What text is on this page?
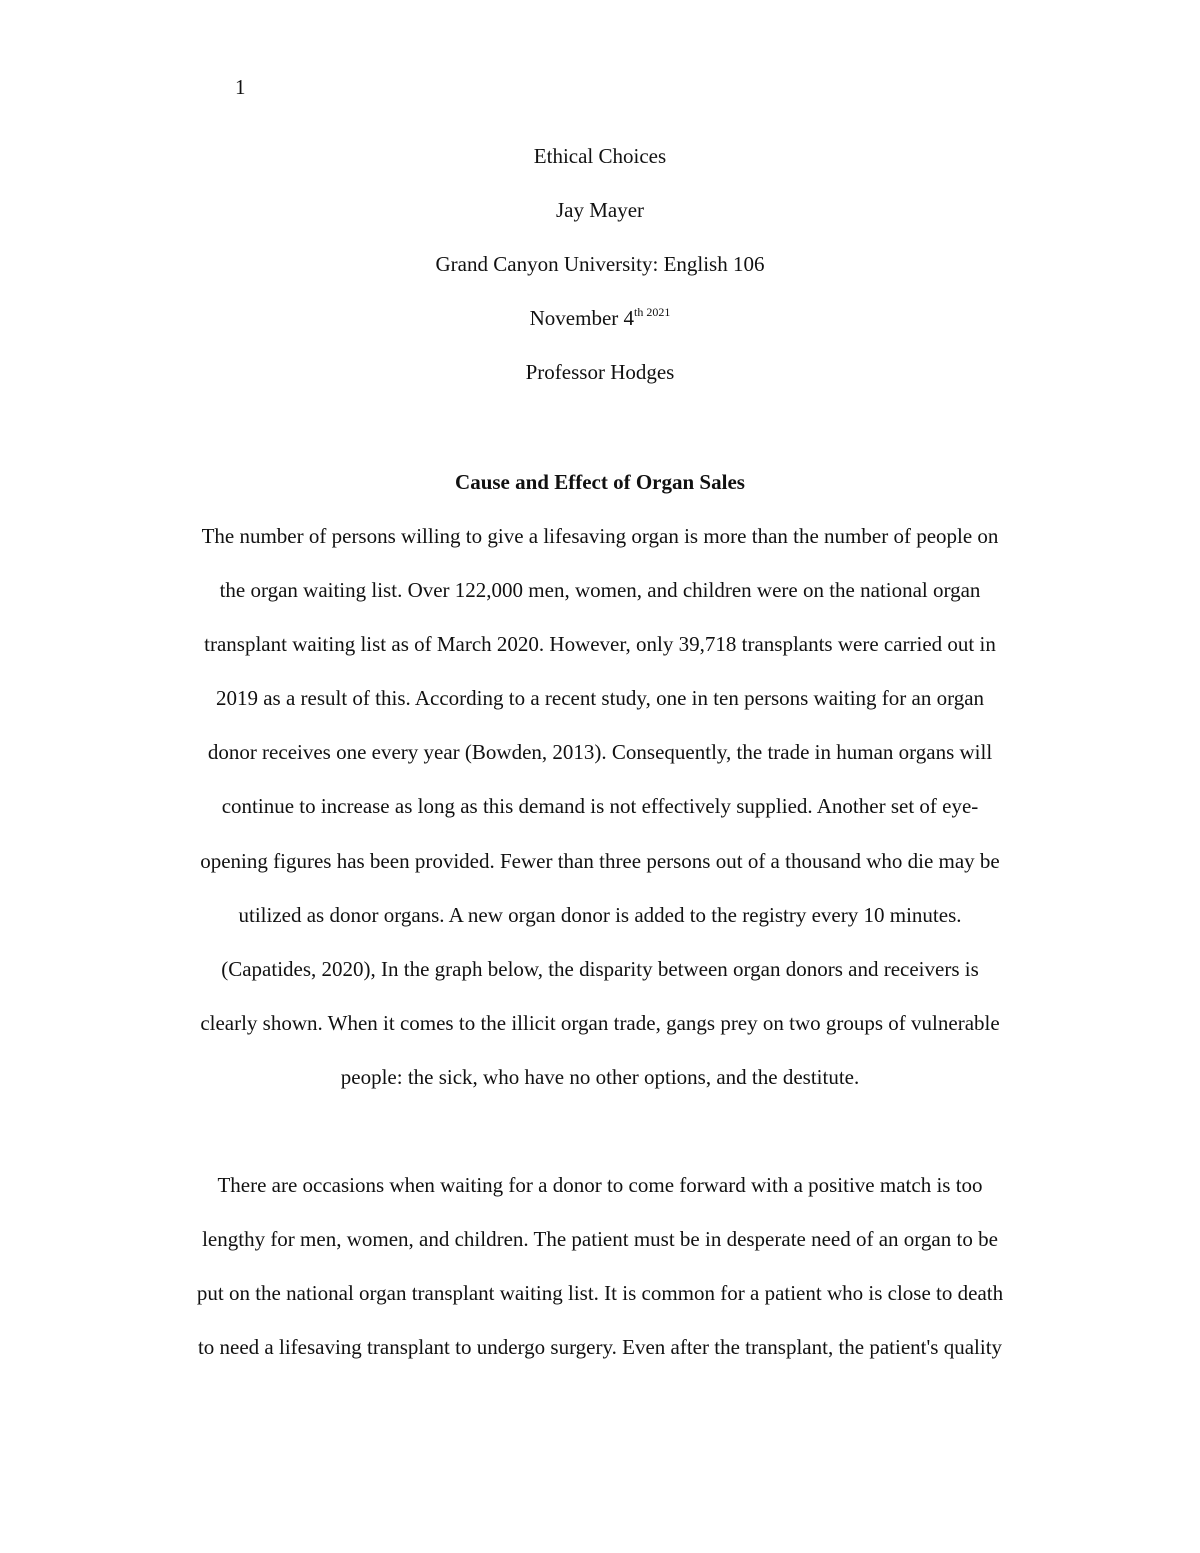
1
Ethical Choices
Jay Mayer
Grand Canyon University: English 106
November $4^{th 2021}$
Professor Hodges
Cause and Effect of Organ Sales
The number of persons willing to give a lifesaving organ is more than the number of people on
the organ waiting list. Over 122,000 men, women, and children were on the national organ
transplant waiting list as of March 2020. However, only 39,718 transplants were carried out in
2019 as a result of this. According to a recent study, one in ten persons waiting for an organ
donor receives one every year (Bowden, 2013). Consequently, the trade in human organs will
continue to increase as long as this demand is not effectively supplied. Another set of eye-
opening figures has been provided. Fewer than three persons out of a thousand who die may be
utilized as donor organs. A new organ donor is added to the registry every 10 minutes.
(Capatides, 2020), In the graph below, the disparity between organ donors and receivers is
clearly shown. When it comes to the illicit organ trade, gangs prey on two groups of vulnerable
people: the sick, who have no other options, and the destitute.
There are occasions when waiting for a donor to come forward with a positive match is too
lengthy for men, women, and children. The patient must be in desperate need of an organ to be
put on the national organ transplant waiting list. It is common for a patient who is close to death
to need a lifesaving transplant to undergo surgery. Even after the transplant, the patient's quality
